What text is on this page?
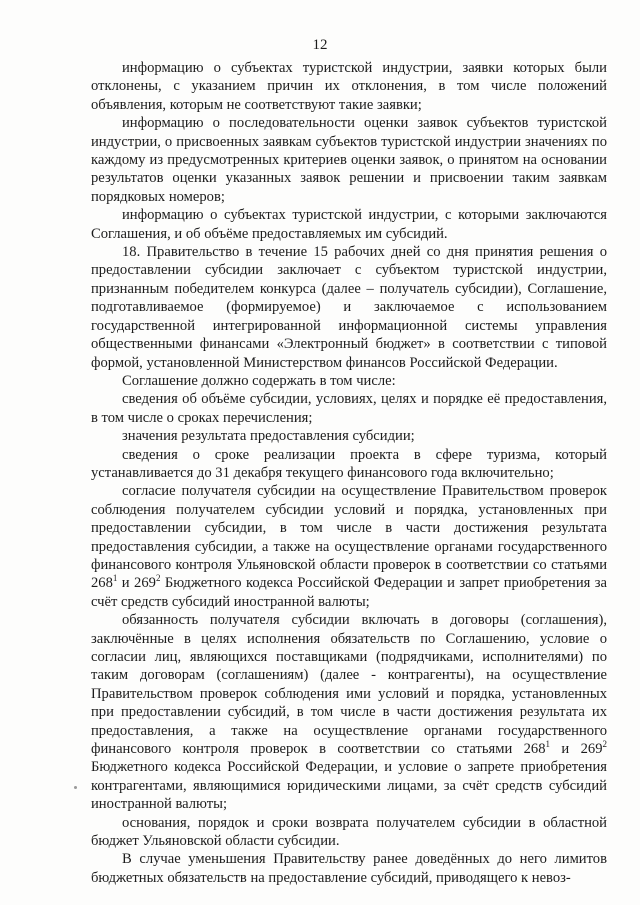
12

информацию о субъектах туристской индустрии, заявки которых были отклонены, с указанием причин их отклонения, в том числе положений объявления, которым не соответствуют такие заявки;

информацию о последовательности оценки заявок субъектов туристской индустрии, о присвоенных заявкам субъектов туристской индустрии значениях по каждому из предусмотренных критериев оценки заявок, о принятом на основании результатов оценки указанных заявок решении и присвоении таким заявкам порядковых номеров;

информацию о субъектах туристской индустрии, с которыми заключаются Соглашения, и об объёме предоставляемых им субсидий.

18. Правительство в течение 15 рабочих дней со дня принятия решения о предоставлении субсидии заключает с субъектом туристской индустрии, признанным победителем конкурса (далее – получатель субсидии), Соглашение, подготавливаемое (формируемое) и заключаемое с использованием государственной интегрированной информационной системы управления общественными финансами «Электронный бюджет» в соответствии с типовой формой, установленной Министерством финансов Российской Федерации.

Соглашение должно содержать в том числе:

сведения об объёме субсидии, условиях, целях и порядке её предоставления, в том числе о сроках перечисления;

значения результата предоставления субсидии;

сведения о сроке реализации проекта в сфере туризма, который устанавливается до 31 декабря текущего финансового года включительно;

согласие получателя субсидии на осуществление Правительством проверок соблюдения получателем субсидии условий и порядка, установленных при предоставлении субсидии, в том числе в части достижения результата предоставления субсидии, а также на осуществление органами государственного финансового контроля Ульяновской области проверок в соответствии со статьями $268^1$ и $269^2$ Бюджетного кодекса Российской Федерации и запрет приобретения за счёт средств субсидий иностранной валюты;

обязанность получателя субсидии включать в договоры (соглашения), заключённые в целях исполнения обязательств по Соглашению, условие о согласии лиц, являющихся поставщиками (подрядчиками, исполнителями) по таким договорам (соглашениям) (далее - контрагенты), на осуществление Правительством проверок соблюдения ими условий и порядка, установленных при предоставлении субсидий, в том числе в части достижения результата их предоставления, а также на осуществление органами государственного финансового контроля проверок в соответствии со статьями $268^1$ и $269^2$ Бюджетного кодекса Российской Федерации, и условие о запрете приобретения контрагентами, являющимися юридическими лицами, за счёт средств субсидий иностранной валюты;

основания, порядок и сроки возврата получателем субсидии в областной бюджет Ульяновской области субсидии.

В случае уменьшения Правительству ранее доведённых до него лимитов бюджетных обязательств на предоставление субсидий, приводящего к невоз-
